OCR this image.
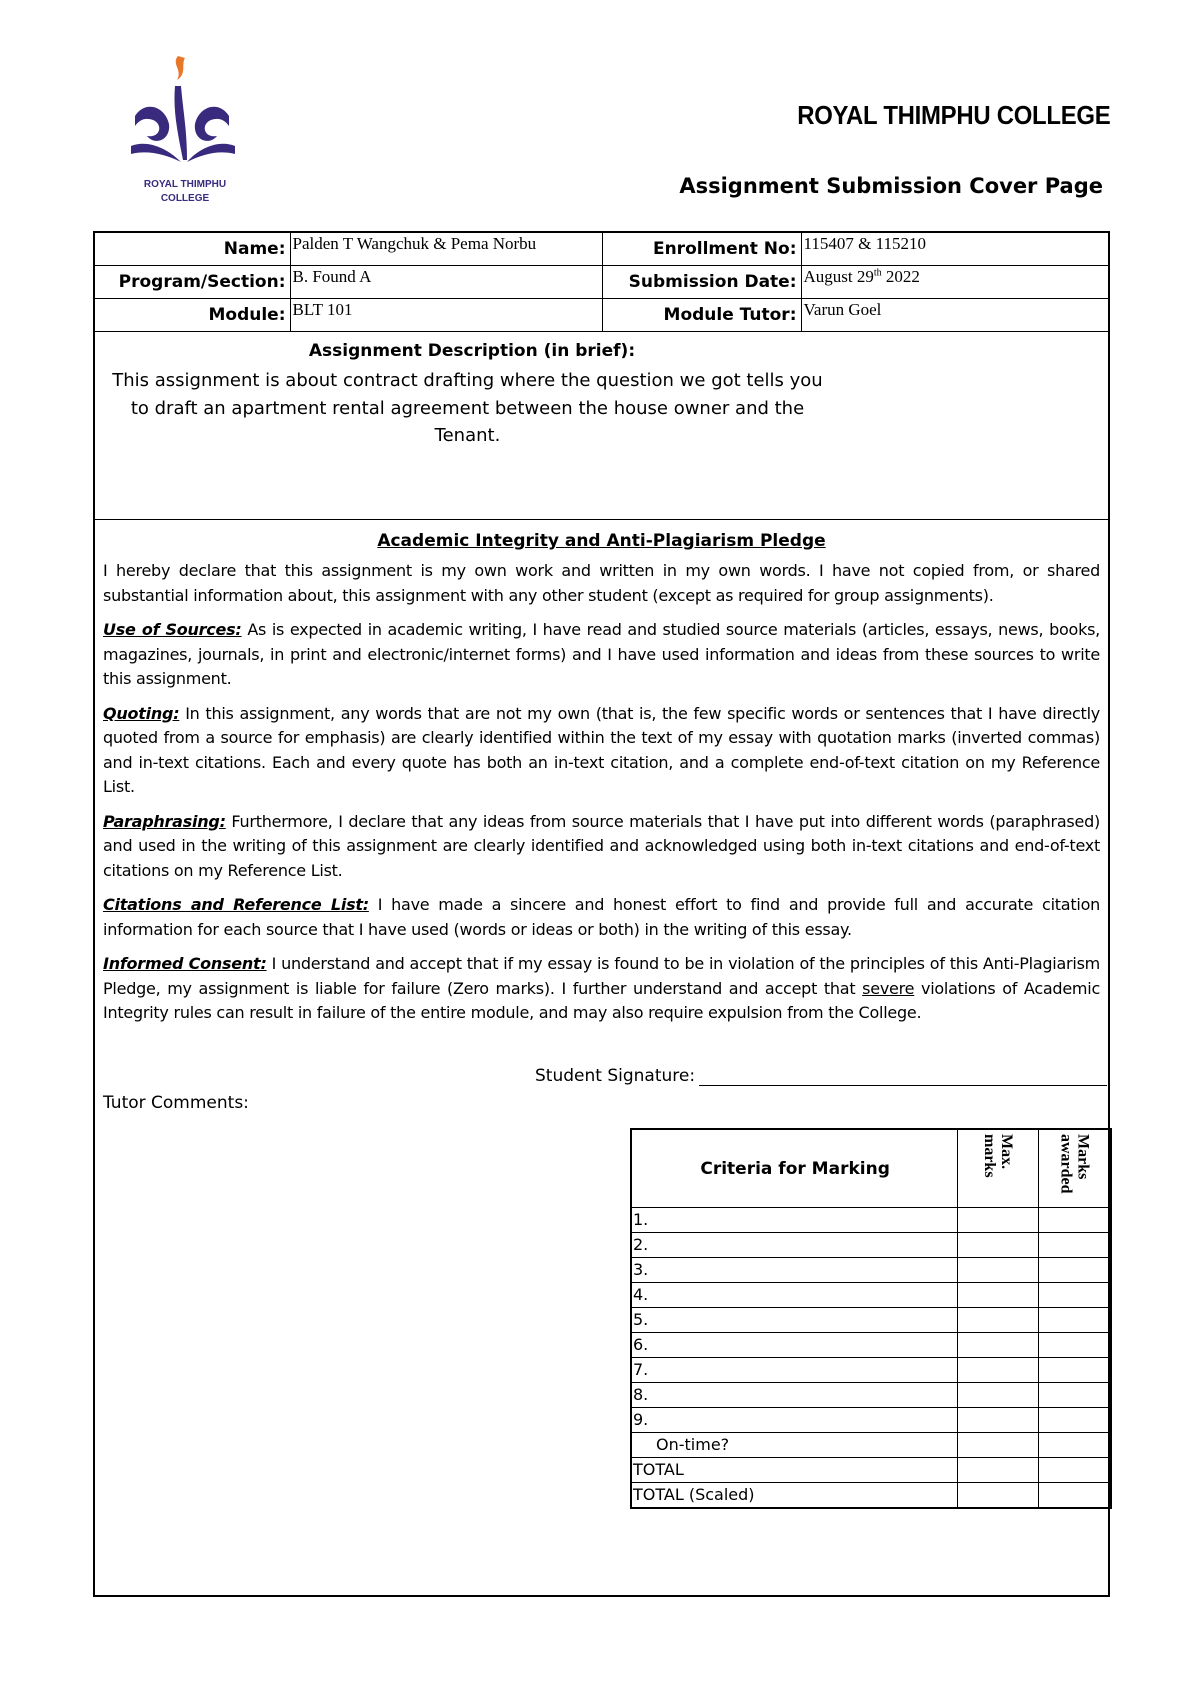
ROYAL THIMPHU COLLEGE
ROYAL THIMPHU COLLEGE
Assignment Submission Cover Page
Name:	Palden T Wangchuk & Pema Norbu	Enrollment No:	115407 & 115210
Program/Section:	B. Found A	Submission Date:	August 29th 2022
Module:	BLT 101	Module Tutor:	Varun Goel
Assignment Description (in brief):
This assignment is about contract drafting where the question we got tells you to draft an apartment rental agreement between the house owner and the Tenant.
Academic Integrity and Anti-Plagiarism Pledge

I hereby declare that this assignment is my own work and written in my own words. I have not copied from, or shared substantial information about, this assignment with any other student (except as required for group assignments).

Use of Sources: As is expected in academic writing, I have read and studied source materials (articles, essays, news, books, magazines, journals, in print and electronic/internet forms) and I have used information and ideas from these sources to write this assignment.

Quoting: In this assignment, any words that are not my own (that is, the few specific words or sentences that I have directly quoted from a source for emphasis) are clearly identified within the text of my essay with quotation marks (inverted commas) and in-text citations. Each and every quote has both an in-text citation, and a complete end-of-text citation on my Reference List.

Paraphrasing: Furthermore, I declare that any ideas from source materials that I have put into different words (paraphrased) and used in the writing of this assignment are clearly identified and acknowledged using both in-text citations and end-of-text citations on my Reference List.

Citations and Reference List: I have made a sincere and honest effort to find and provide full and accurate citation information for each source that I have used (words or ideas or both) in the writing of this essay.

Informed Consent: I understand and accept that if my essay is found to be in violation of the principles of this Anti-Plagiarism Pledge, my assignment is liable for failure (Zero marks). I further understand and accept that severe violations of Academic Integrity rules can result in failure of the entire module, and may also require expulsion from the College.

Student Signature:
Tutor Comments:
Criteria for Marking	Max. marks	Marks awarded

1.		
2.		
3.		
4.		
5.		
6.		
7.		
8.		
9.		
On-time?		
TOTAL		
TOTAL (Scaled)		
